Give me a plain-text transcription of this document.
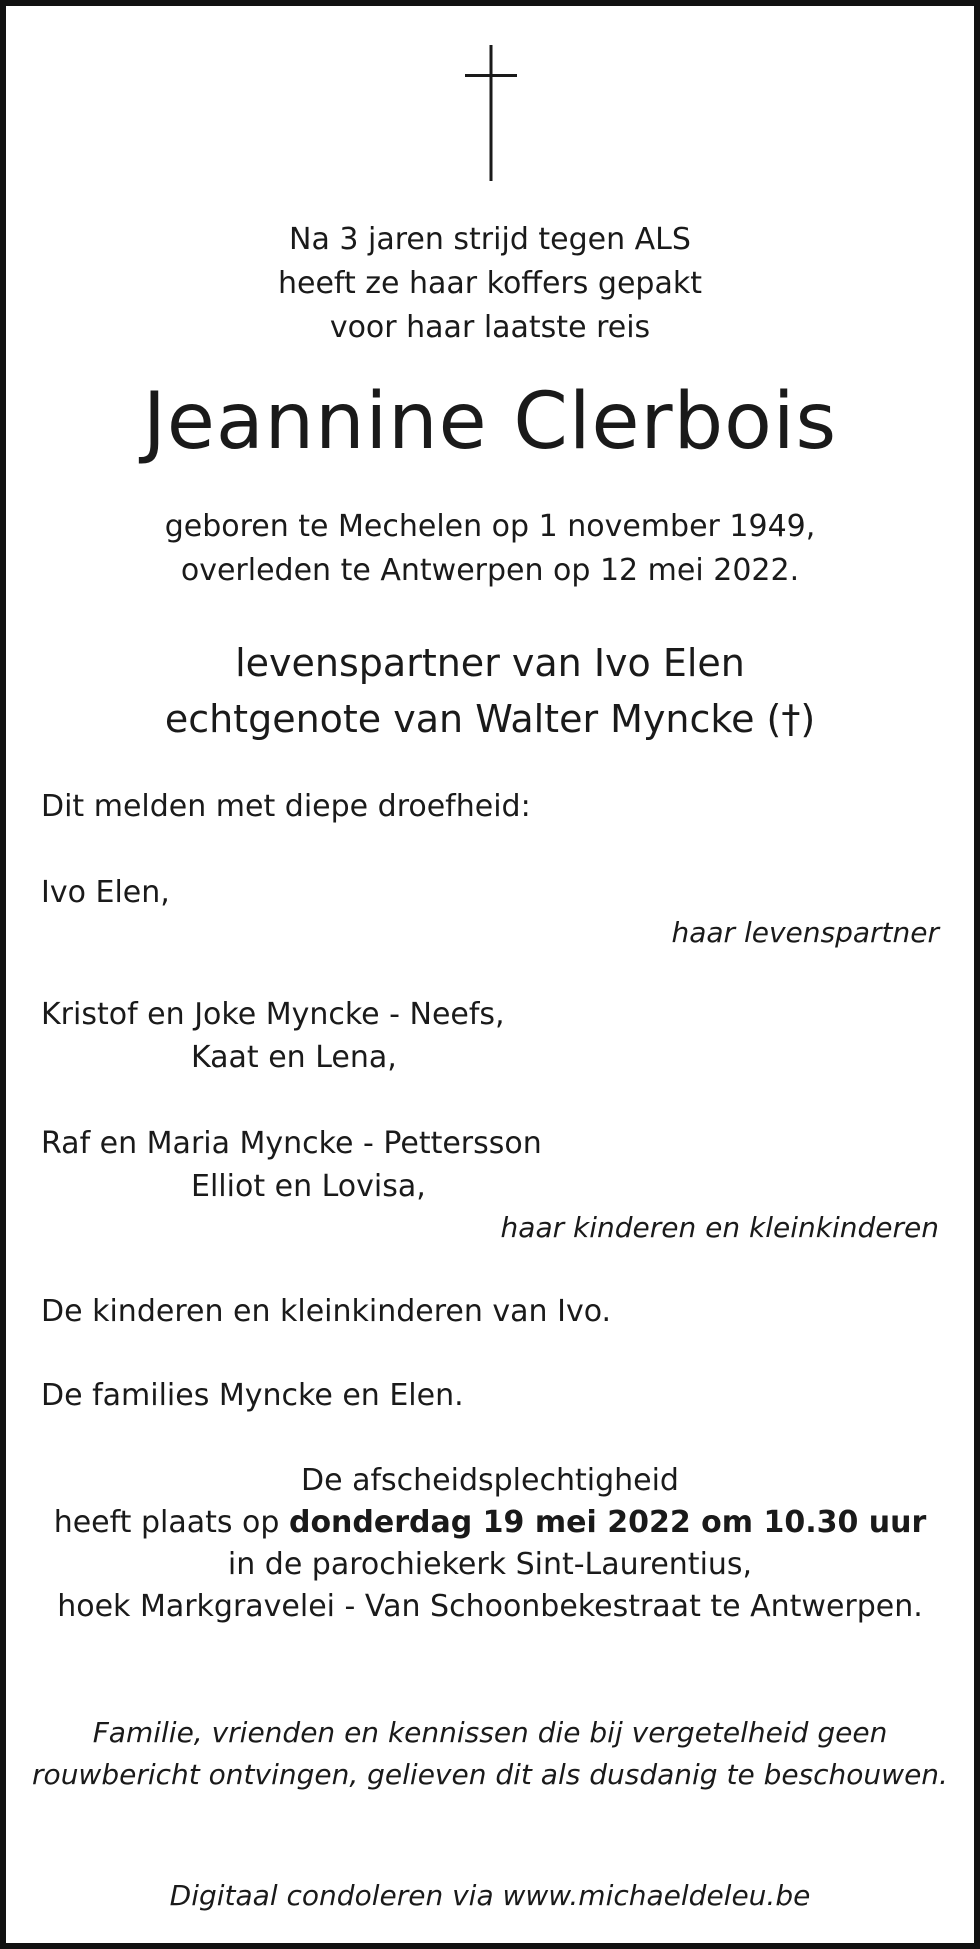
Na 3 jaren strijd tegen ALS
heeft ze haar koffers gepakt
voor haar laatste reis
Jeannine Clerbois
geboren te Mechelen op 1 november 1949,
overleden te Antwerpen op 12 mei 2022.
levenspartner van Ivo Elen
echtgenote van Walter Myncke (†)

Dit melden met diepe droefheid:

Ivo Elen,

haar levenspartner

Kristof en Joke Myncke - Neefs,

Kaat en Lena,

Raf en Maria Myncke - Pettersson

Elliot en Lovisa,

haar kinderen en kleinkinderen

De kinderen en kleinkinderen van Ivo.

De families Myncke en Elen.

De afscheidsplechtigheid
heeft plaats op donderdag 19 mei 2022 om 10.30 uur
in de parochiekerk Sint-Laurentius,
hoek Markgravelei - Van Schoonbekestraat te Antwerpen.
Familie, vrienden en kennissen die bij vergetelheid geen
rouwbericht ontvingen, gelieven dit als dusdanig te beschouwen.

Digitaal condoleren via www.michaeldeleu.be
